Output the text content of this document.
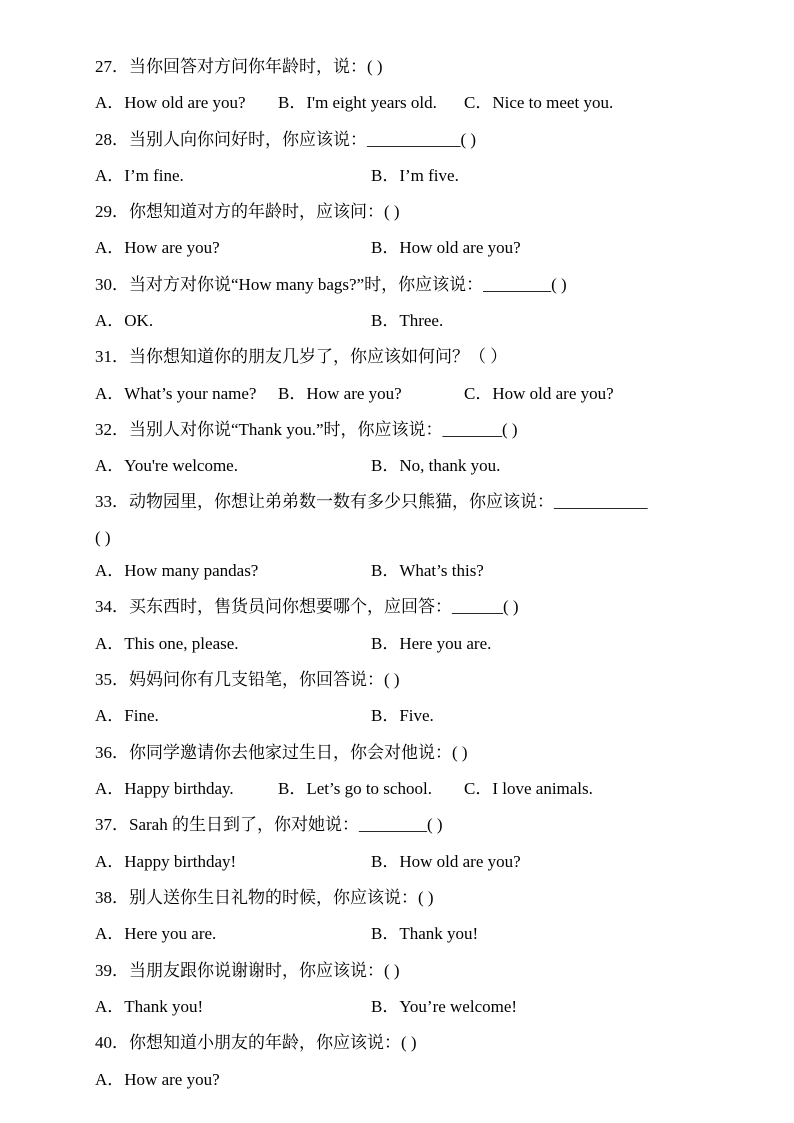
27．当你回答对方问你年龄时，说：( )
A．How old are you? B．I'm eight years old. C．Nice to meet you.
28．当别人向你问好时，你应该说：___________( )
A．I’m fine.	B．I’m five.
29．你想知道对方的年龄时，应该问：( )
A．How are you?	B．How old are you?
30．当对方对你说“How many bags?”时，你应该说：________( )
A．OK.	B．Three.
31．当你想知道你的朋友几岁了，你应该如何问？（ ）
A．What’s your name? B．How are you?	C．How old are you?
32．当别人对你说“Thank you.”时，你应该说：_______( )
A．You're welcome.	B．No, thank you.
33．动物园里，你想让弟弟数一数有多少只熊猫，你应该说：___________
( )
A．How many pandas?	B．What’s this?
34．买东西时，售货员问你想要哪个，应回答：______( )
A．This one, please.	B．Here you are.
35．妈妈问你有几支铅笔，你回答说：( )
A．Fine.	B．Five.
36．你同学邀请你去他家过生日，你会对他说：( )
A．Happy birthday.	B．Let’s go to school. C．I love animals.
37．Sarah 的生日到了，你对她说：________( )
A．Happy birthday!	B．How old are you?
38．别人送你生日礼物的时候，你应该说：( )
A．Here you are.	B．Thank you!
39．当朋友跟你说谢谢时，你应该说：( )
A．Thank you!	B．You’re welcome!
40．你想知道小朋友的年龄，你应该说：( )
A．How are you?
